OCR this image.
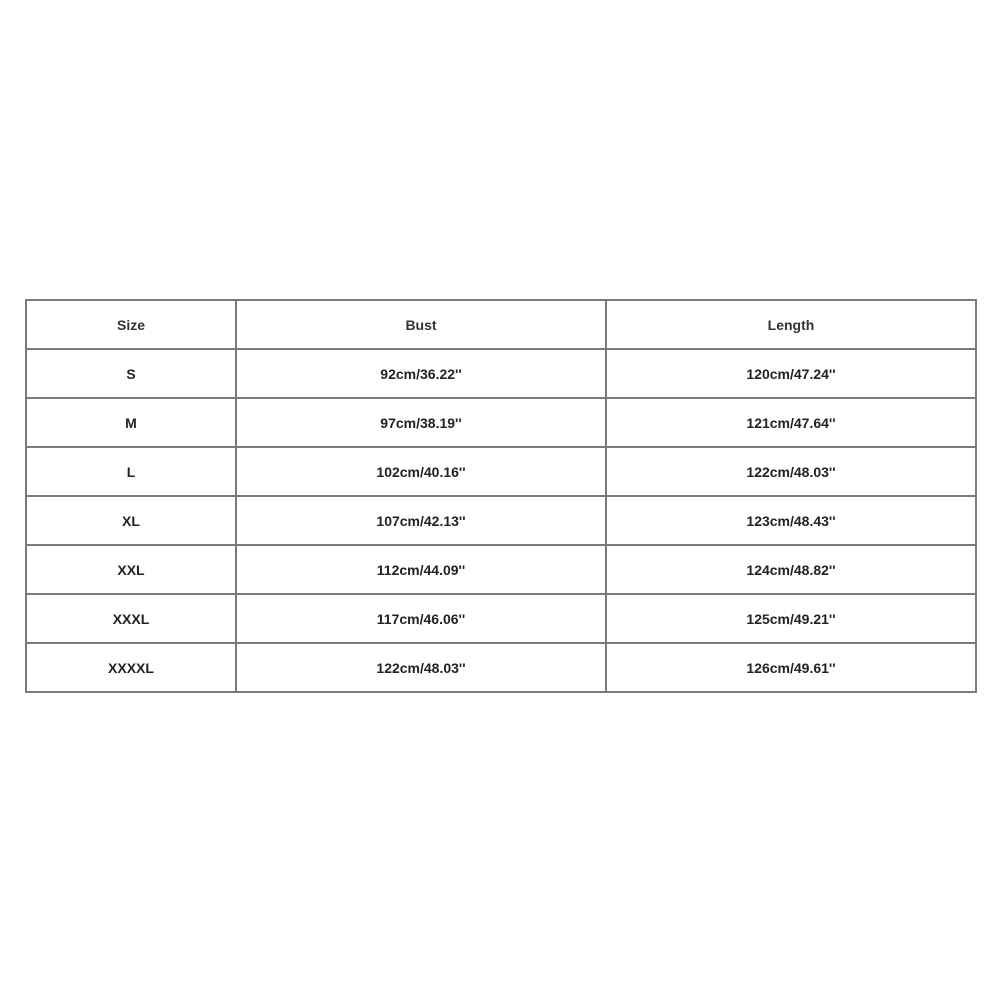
Size	Bust	Length
S	92cm/36.22''	120cm/47.24''
M	97cm/38.19''	121cm/47.64''
L	102cm/40.16''	122cm/48.03''
XL	107cm/42.13''	123cm/48.43''
XXL	112cm/44.09''	124cm/48.82''
XXXL	117cm/46.06''	125cm/49.21''
XXXXL	122cm/48.03''	126cm/49.61''
